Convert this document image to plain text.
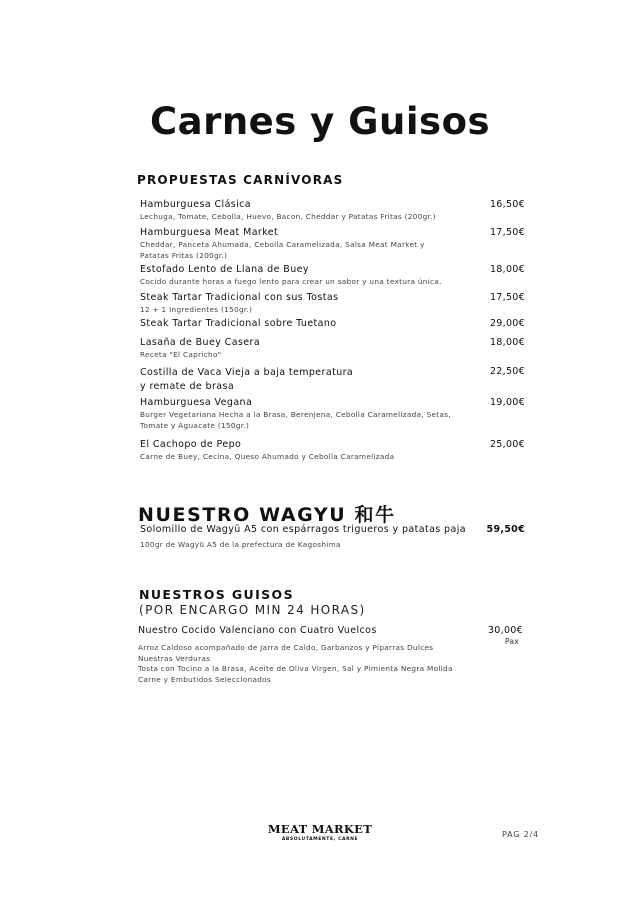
Carnes y Guisos
PROPUESTAS CARNÍVORAS
Hamburguesa Clásica
Lechuga, Tomate, Cebolla, Huevo, Bacon, Cheddar y Patatas Fritas (200gr.)
16,50€
Hamburguesa Meat Market
Cheddar, Panceta Ahumada, Cebolla Caramelizada, Salsa Meat Market y
Patatas Fritas (200gr.)
17,50€
Estofado Lento de Llana de Buey
Cocido durante horas a fuego lento para crear un sabor y una textura única.
18,00€
Steak Tartar Tradicional con sus Tostas
12 + 1 Ingredientes (150gr.)
17,50€
Steak Tartar Tradicional sobre Tuetano	29,00€
Lasaña de Buey Casera
Receta "El Capricho"
18,00€
Costilla de Vaca Vieja a baja temperatura
y remate de brasa
22,50€
Hamburguesa Vegana
Burger Vegetariana Hecha a la Brasa, Berenjena, Cebolla Caramelizada, Setas,
Tomate y Aguacate (150gr.)
19,00€
El Cachopo de Pepo
Carne de Buey, Cecina, Queso Ahumado y Cebolla Caramelizada
25,00€
NUESTRO WAGYU 和牛
Solomillo de Wagyū A5 con espárragos trigueros y patatas paja
100gr de Wagyū A5 de la prefectura de Kagoshima
59,50€
NUESTROS GUISOS
(POR ENCARGO MIN 24 HORAS)
Nuestro Cocido Valenciano con Cuatro Vuelcos
Arroz Caldoso acompañado de Jarra de Caldo, Garbanzos y Piparras Dulces
Nuestras Verduras
Tosta con Tocino a la Brasa, Aceite de Oliva Virgen, Sal y Pimienta Negra Molida
Carne y Embutidos Seleccionados
30,00€
Pax
MEAT MARKET
ABSOLUTAMENTE, CARNE
PAG 2/4
